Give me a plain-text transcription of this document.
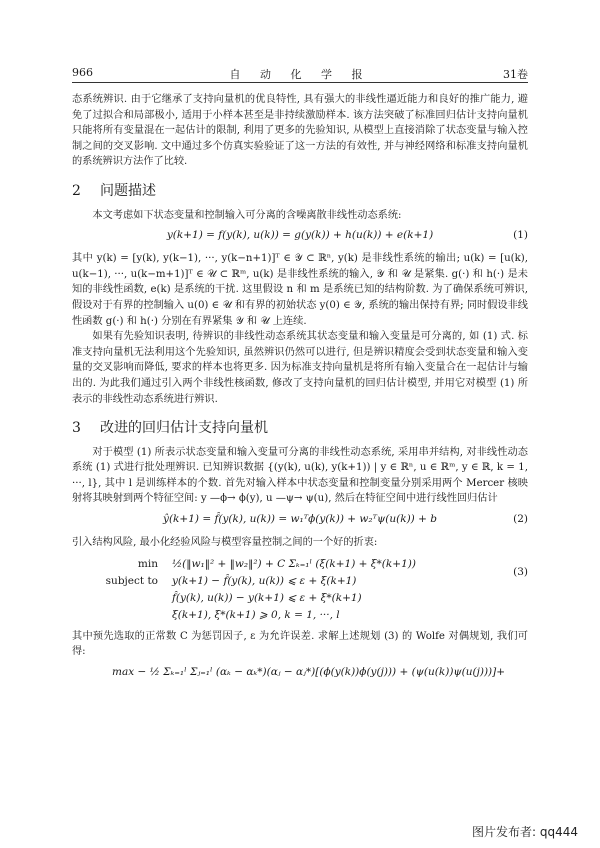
966	自 动 化 学 报	31卷

态系统辨识. 由于它继承了支持向量机的优良特性, 具有强大的非线性逼近能力和良好的推广能力, 避免了过拟合和局部极小, 适用于小样本甚至是非持续激励样本. 该方法突破了标准回归估计支持向量机只能将所有变量混在一起估计的限制, 利用了更多的先验知识, 从模型上直接消除了状态变量与输入控制之间的交叉影响. 文中通过多个仿真实验验证了这一方法的有效性, 并与神经网络和标准支持向量机的系统辨识方法作了比较.

2 问题描述

本文考虑如下状态变量和控制输入可分离的含噪离散非线性动态系统:

y(k+1) = f(y(k), u(k)) = g(y(k)) + h(u(k)) + e(k+1)	(1)

其中 y(k) = [y(k), y(k−1), ···, y(k−n+1)]ᵀ ∈ 𝒴 ⊂ ℝⁿ, y(k) 是非线性系统的输出; u(k) = [u(k), u(k−1), ···, u(k−m+1)]ᵀ ∈ 𝒰 ⊂ ℝᵐ, u(k) 是非线性系统的输入, 𝒴 和 𝒰 是紧集. g(·) 和 h(·) 是未知的非线性函数, e(k) 是系统的干扰. 这里假设 n 和 m 是系统已知的结构阶数. 为了确保系统可辨识, 假设对于有界的控制输入 u(0) ∈ 𝒰 和有界的初始状态 y(0) ∈ 𝒴, 系统的输出保持有界; 同时假设非线性函数 g(·) 和 h(·) 分别在有界紧集 𝒴 和 𝒰 上连续.

如果有先验知识表明, 待辨识的非线性动态系统其状态变量和输入变量是可分离的, 如 (1) 式. 标准支持向量机无法利用这个先验知识, 虽然辨识仍然可以进行, 但是辨识精度会受到状态变量和输入变量的交叉影响而降低, 要求的样本也将更多. 因为标准支持向量机是将所有输入变量合在一起估计与输出的. 为此我们通过引入两个非线性核函数, 修改了支持向量机的回归估计模型, 并用它对模型 (1) 所表示的非线性动态系统进行辨识.

3 改进的回归估计支持向量机

对于模型 (1) 所表示状态变量和输入变量可分离的非线性动态系统, 采用串并结构, 对非线性动态系统 (1) 式进行批处理辨识. 已知辨识数据 {(y(k), u(k), y(k+1)) | y ∈ ℝⁿ, u ∈ ℝᵐ, y ∈ ℝ, k = 1, ···, l}, 其中 l 是训练样本的个数. 首先对输入样本中状态变量和控制变量分别采用两个 Mercer 核映射将其映射到两个特征空间: y —ϕ→ ϕ(y), u —ψ→ ψ(u), 然后在特征空间中进行线性回归估计

ŷ(k+1) = f̂(y(k), u(k)) = w₁ᵀϕ(y(k)) + w₂ᵀψ(u(k)) + b	(2)

引入结构风险, 最小化经验风险与模型容量控制之间的一个好的折衷:

min ½(‖w₁‖² + ‖w₂‖²) + C Σₖ₌₁ˡ (ξ(k+1) + ξ*(k+1))
(3)
subject to y(k+1) − f̂(y(k), u(k)) ⩽ ε + ξ(k+1)
f̂(y(k), u(k)) − y(k+1) ⩽ ε + ξ*(k+1)
ξ(k+1), ξ*(k+1) ⩾ 0, k = 1, ···, l

其中预先选取的正常数 C 为惩罚因子, ε 为允许误差. 求解上述规划 (3) 的 Wolfe 对偶规划, 我们可得:

max − ½ Σₖ₌₁ˡ Σⱼ₌₁ˡ (αₖ − αₖ*)(αⱼ − αⱼ*)[(ϕ(y(k))ϕ(y(j))) + (ψ(u(k))ψ(u(j)))]+
图片发布者: qq444
